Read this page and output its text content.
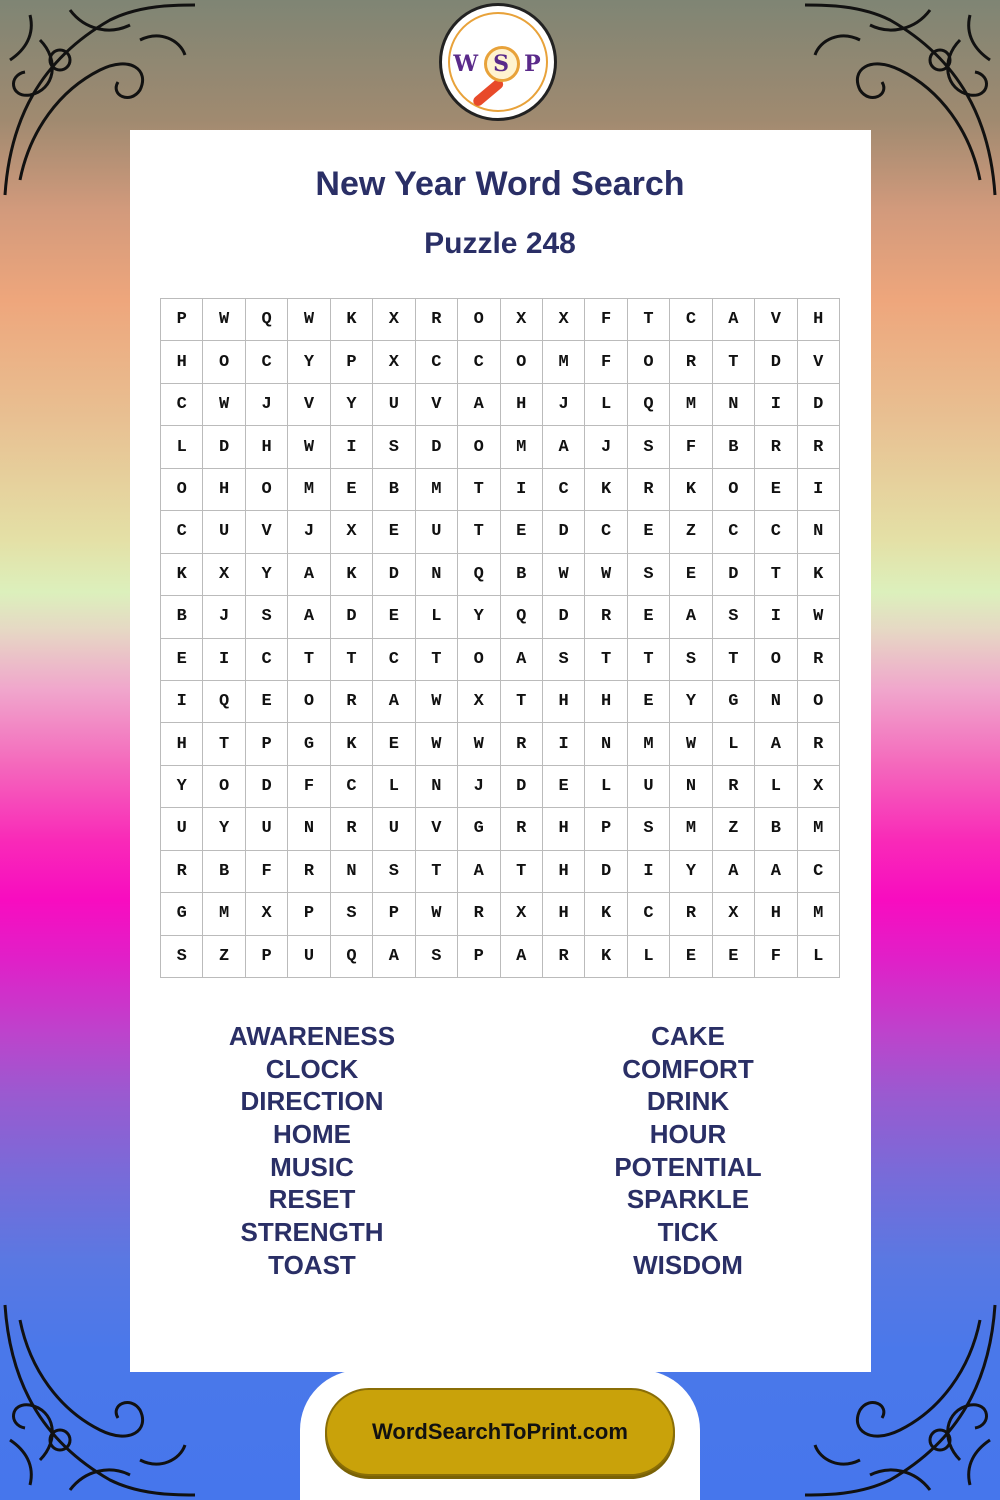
W S P
New Year Word Search
Puzzle 248
P	W	Q	W	K	X	R	O	X	X	F	T	C	A	V	H
H	O	C	Y	P	X	C	C	O	M	F	O	R	T	D	V
C	W	J	V	Y	U	V	A	H	J	L	Q	M	N	I	D
L	D	H	W	I	S	D	O	M	A	J	S	F	B	R	R
O	H	O	M	E	B	M	T	I	C	K	R	K	O	E	I
C	U	V	J	X	E	U	T	E	D	C	E	Z	C	C	N
K	X	Y	A	K	D	N	Q	B	W	W	S	E	D	T	K
B	J	S	A	D	E	L	Y	Q	D	R	E	A	S	I	W
E	I	C	T	T	C	T	O	A	S	T	T	S	T	O	R
I	Q	E	O	R	A	W	X	T	H	H	E	Y	G	N	O
H	T	P	G	K	E	W	W	R	I	N	M	W	L	A	R
Y	O	D	F	C	L	N	J	D	E	L	U	N	R	L	X
U	Y	U	N	R	U	V	G	R	H	P	S	M	Z	B	M
R	B	F	R	N	S	T	A	T	H	D	I	Y	A	A	C
G	M	X	P	S	P	W	R	X	H	K	C	R	X	H	M
S	Z	P	U	Q	A	S	P	A	R	K	L	E	E	F	L
AWARENESS
CLOCK
DIRECTION
HOME
MUSIC
RESET
STRENGTH
TOAST
CAKE
COMFORT
DRINK
HOUR
POTENTIAL
SPARKLE
TICK
WISDOM
WordSearchToPrint.com
